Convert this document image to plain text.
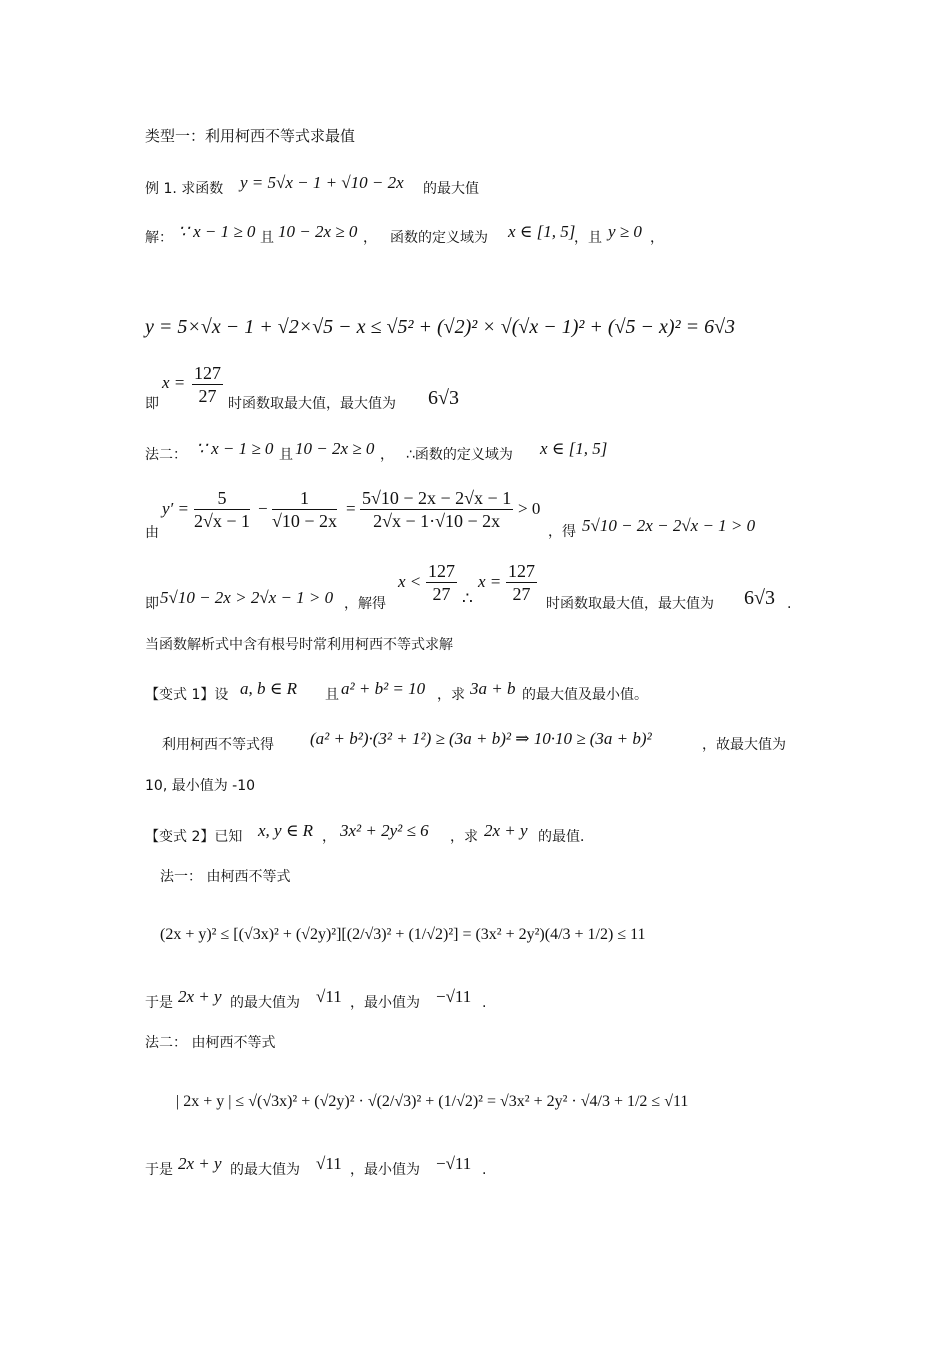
类型一：利用柯西不等式求最值
例 1. 求函数 y = 5√x − 1 + √10 − 2x 的最大值
解： ∵ x − 1 ≥ 0 且 10 − 2x ≥ 0 ， 函数的定义域为 x ∈ [1, 5]
，且 y ≥ 0 ，
y = 5×√x − 1 + √2×√5 − x ≤ √5² + (√2)² × √(√x − 1)² + (√5 − x)² = 6√3
即
$x = \frac{127}{27}$ 时函数取最大值，最大值为 6√3
法二： ∵ x − 1 ≥ 0 且 10 − 2x ≥ 0 ， ∴函数的定义域为 x ∈ [1, 5]
由
$y' = \frac{5}{2√x - 1} - \frac{1}{√10 - 2x} = \frac{5√10 - 2x - 2√x - 1}{2√x - 1\cdot√10 - 2x} > 0$
，得 5√10 − 2x − 2√x − 1 > 0
即 5√10 − 2x > 2√x − 1 > 0 ，解得
$x < \frac{127}{27}$ ∴
$x = \frac{127}{27}$ 时函数取最大值，最大值为 6√3 .
当函数解析式中含有根号时常利用柯西不等式求解
【变式 1】设 a, b ∈ R 且 a² + b² = 10 ，求 3a + b 的最大值及最小值。
利用柯西不等式得 (a² + b²)·(3² + 1²) ≥ (3a + b)² ⇒ 10·10 ≥ (3a + b)²	，故最大值为
10, 最小值为 -10
【变式 2】已知 x, y ∈ R ， 3x² + 2y² ≤ 6 ，求 2x + y 的最值．
法一： 由柯西不等式
(2x + y)² ≤ [(√3x)² + (√2y)²][(2/√3)² + (1/√2)²] = (3x² + 2y²)(4/3 + 1/2) ≤ 11
于是 2x + y 的最大值为 √11 ，最小值为 −√11 .
法二： 由柯西不等式
| 2x + y | ≤ √(√3x)² + (√2y)² · √(2/√3)² + (1/√2)² = √3x² + 2y² · √4/3 + 1/2 ≤ √11
于是 2x + y 的最大值为 √11 ，最小值为 −√11 .
